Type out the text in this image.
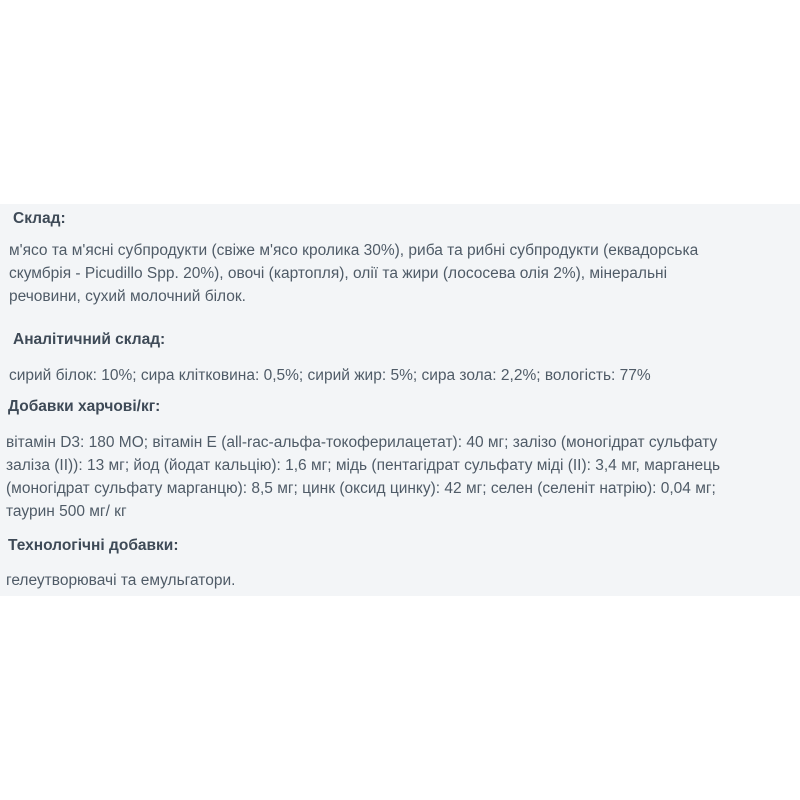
Склад:
м'ясо та м'ясні субпродукти (свіже м'ясо кролика 30%), риба та рибні субпродукти (еквадорська
скумбрія - Picudillo Spp. 20%), овочі (картопля), олії та жири (лососева олія 2%), мінеральні
речовини, сухий молочний білок.
Аналітичний склад:
сирий білок: 10%; сира клітковина: 0,5%; сирий жир: 5%; сира зола: 2,2%; вологість: 77%
Добавки харчові/кг:
вітамін D3: 180 МО; вітамін Е (all-rac-альфа-токоферилацетат): 40 мг; залізо (моногідрат сульфату
заліза (II)): 13 мг; йод (йодат кальцію): 1,6 мг; мідь (пентагідрат сульфату міді (II): 3,4 мг, марганець
(моногідрат сульфату марганцю): 8,5 мг; цинк (оксид цинку): 42 мг; селен (селеніт натрію): 0,04 мг;
таурин 500 мг/ кг
Технологічні добавки:
гелеутворювачі та емульгатори.
